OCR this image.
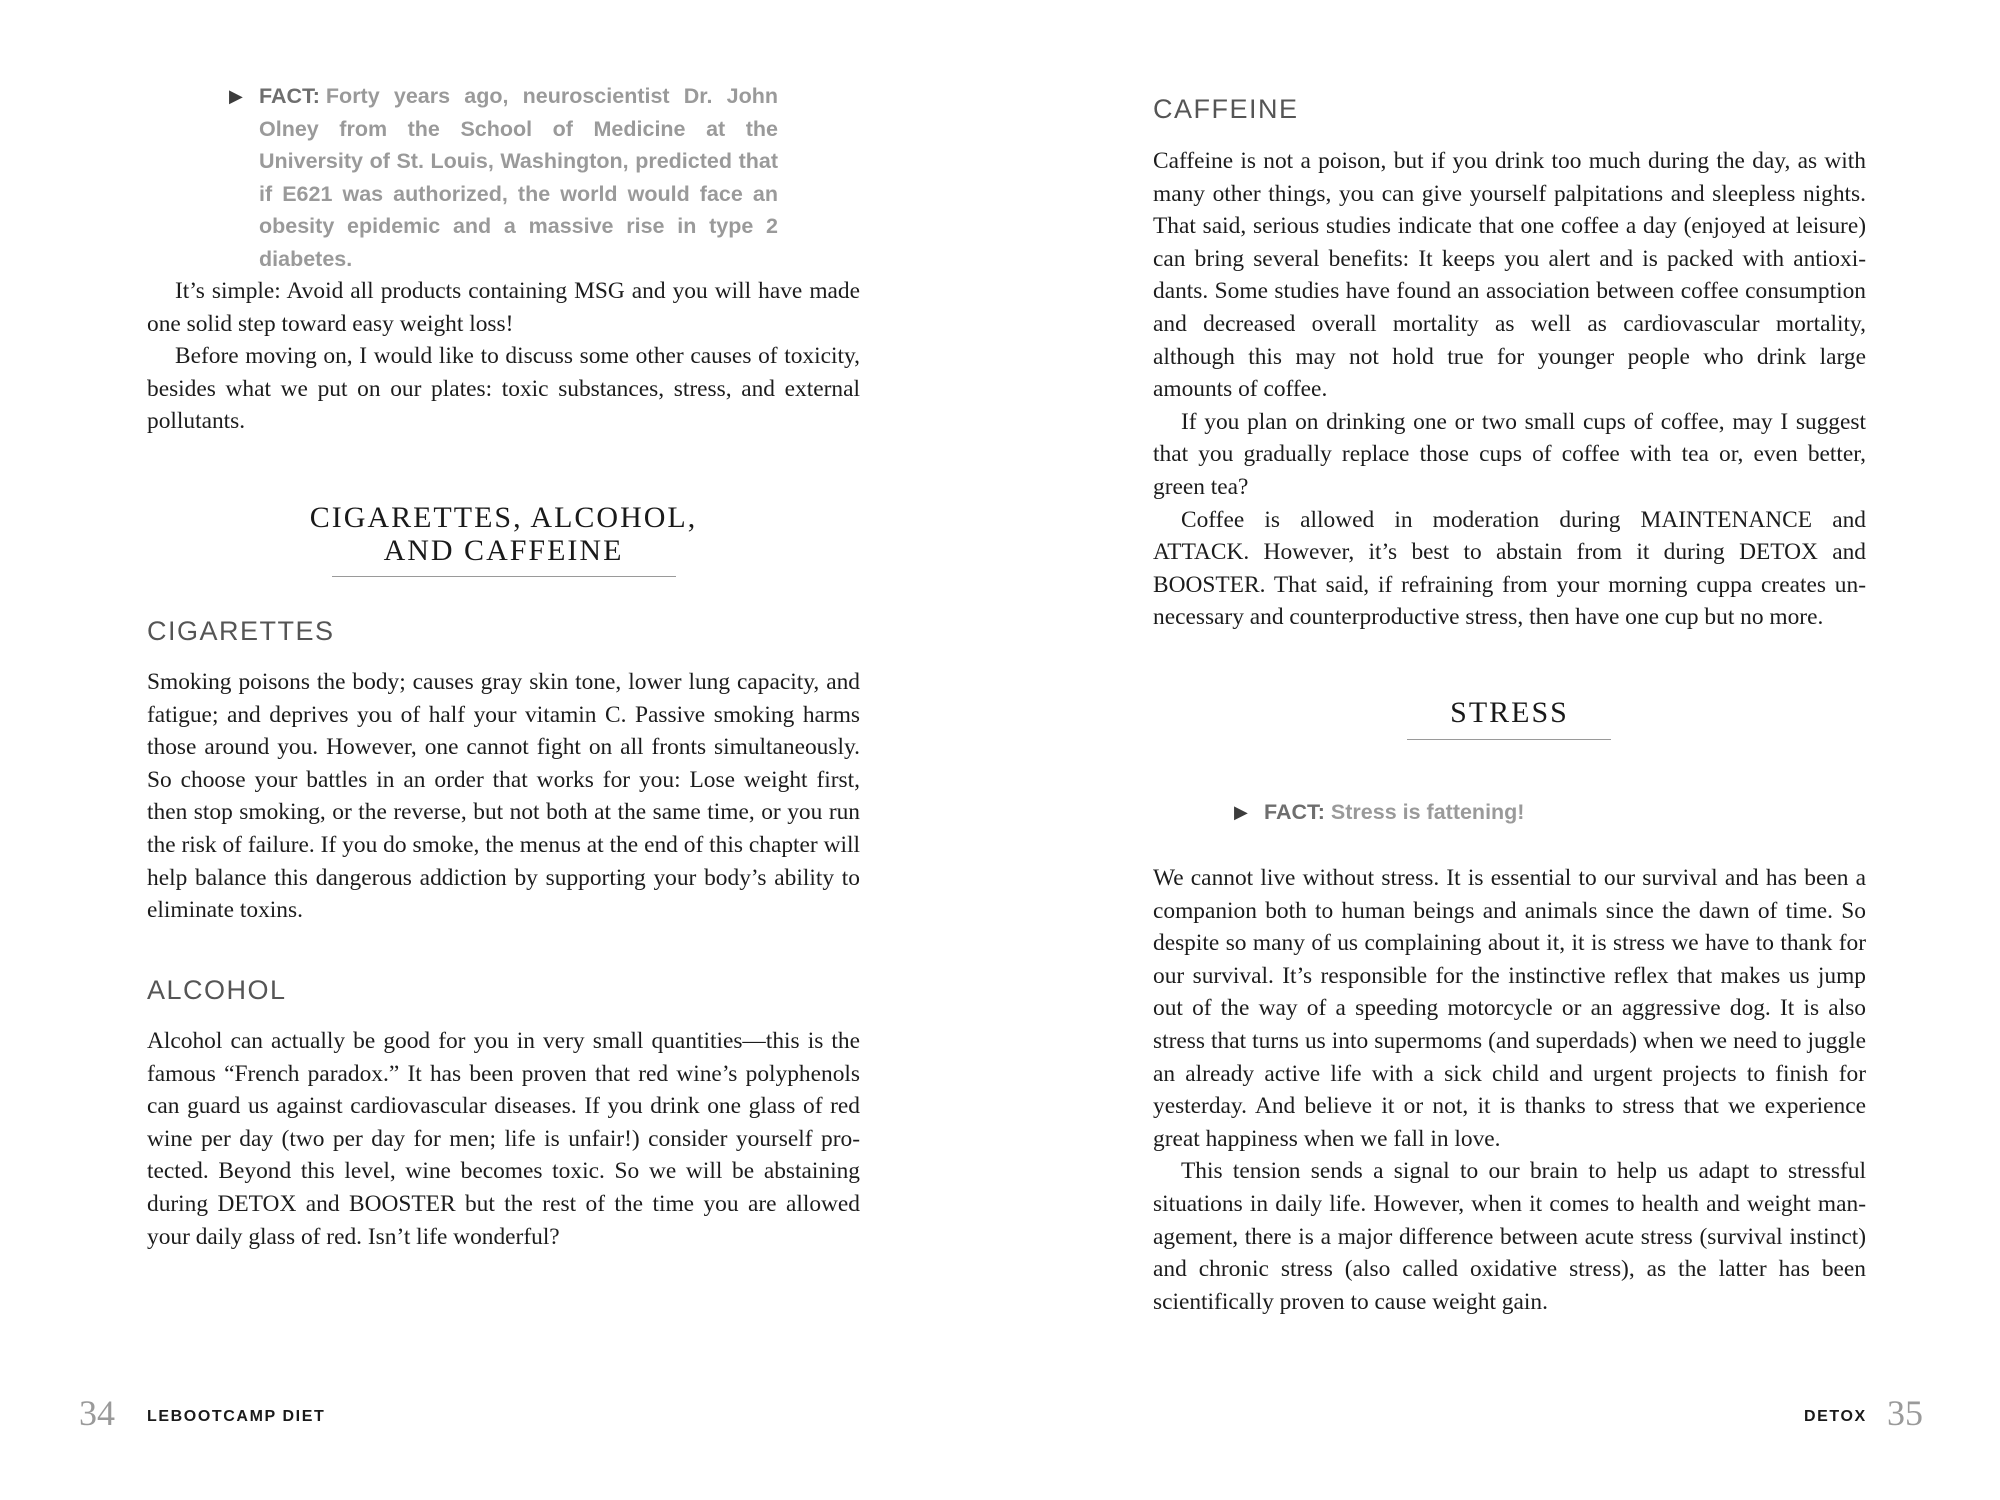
▶ FACT: Forty years ago, neuroscientist Dr. John Olney from the School of Medicine at the University of St. Louis, Washington, predicted that if E621 was authorized, the world would face an obesity epidemic and a massive rise in type 2 diabetes.

It’s simple: Avoid all products containing MSG and you will have made one solid step toward easy weight loss!

Before moving on, I would like to discuss some other causes of toxicity, besides what we put on our plates: toxic substances, stress, and external pollutants.

CIGARETTES, ALCOHOL,
AND CAFFEINE
CIGARETTES

Smoking poisons the body; causes gray skin tone, lower lung capacity, and fatigue; and deprives you of half your vitamin C. Passive smoking harms those around you. However, one cannot fight on all fronts simultaneously. So choose your battles in an order that works for you: Lose weight first, then stop smoking, or the reverse, but not both at the same time, or you run the risk of failure. If you do smoke, the menus at the end of this chapter will help balance this dangerous addiction by supporting your body’s ability to eliminate toxins.

ALCOHOL

Alcohol can actually be good for you in very small quantities—this is the famous “French paradox.” It has been proven that red wine’s polyphenols can guard us against cardiovascular diseases. If you drink one glass of red wine per day (two per day for men; life is unfair!) consider yourself protected. Beyond this level, wine becomes toxic. So we will be abstaining during DETOX and BOOSTER but the rest of the time you are allowed your daily glass of red. Isn’t life wonderful?

34 LEBOOTCAMP DIET
CAFFEINE

Caffeine is not a poison, but if you drink too much during the day, as with many other things, you can give yourself palpitations and sleepless nights. That said, serious studies indicate that one coffee a day (enjoyed at leisure) can bring several benefits: It keeps you alert and is packed with antioxidants. Some studies have found an association between coffee consumption and decreased overall mortality as well as cardiovascular mortality, although this may not hold true for younger people who drink large amounts of coffee.

If you plan on drinking one or two small cups of coffee, may I suggest that you gradually replace those cups of coffee with tea or, even better, green tea?

Coffee is allowed in moderation during MAINTENANCE and ATTACK. However, it’s best to abstain from it during DETOX and BOOSTER. That said, if refraining from your morning cuppa creates unnecessary and counterproductive stress, then have one cup but no more.

STRESS
▶ FACT: Stress is fattening!

We cannot live without stress. It is essential to our survival and has been a companion both to human beings and animals since the dawn of time. So despite so many of us complaining about it, it is stress we have to thank for our survival. It’s responsible for the instinctive reflex that makes us jump out of the way of a speeding motorcycle or an aggressive dog. It is also stress that turns us into supermoms (and superdads) when we need to juggle an already active life with a sick child and urgent projects to finish for yesterday. And believe it or not, it is thanks to stress that we experience great happiness when we fall in love.

This tension sends a signal to our brain to help us adapt to stressful situations in daily life. However, when it comes to health and weight management, there is a major difference between acute stress (survival instinct) and chronic stress (also called oxidative stress), as the latter has been scientifically proven to cause weight gain.

DETOX 35
